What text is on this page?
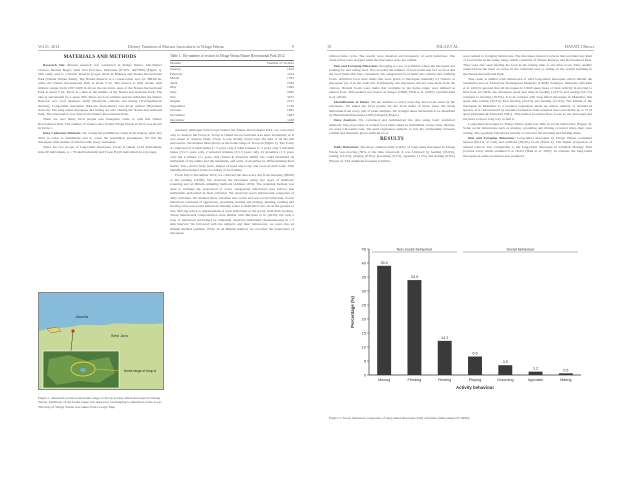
Vol 21, 2014	Dietary Variation of Macaca fascicularis in Telaga Warna	9
MATERIALS AND METHODS

Research Site. Present research was conducted in Telaga Warna, Sub-district Cisarua, District Bogor, West Java Province, Indonesia (6°42'S, 106°58'E) (Figure 1). This study area is a Nature Reserve (Cagar Alam in Bahasa) and Nature Recreational Park (Taman Wisata Alam). The Nature Reserve is a conservation area for 368.66 ha, while the Nature Recreational Park is about 5 ha. The reserve is hilly terrain with altitude ranges from 1387-1600 m above the sea level. Area of the Nature Recreational Park is about 5 ha. There is a lake in the middle of the Nature Recreational Park. The lake is surrounded by a steep cliff. There are four primate species inhabited the Nature Reserve: two Leaf monkeys Surili (Presbytis comata) and lutung (Trachypithecus auratus), Long-tailed macaques (Macaca fascicularis) and Javan gibbon (Hylobates moloch). The long-tailed macaques and lutung are also visiting the Nature Recreational Park. The observation was done in the Nature Recreational Park.

There are also many local people and foreigners come to visit this Nature Recreational Park. The number of visitors who visited Telaga Warna in 2012 was shown in Table 1.

Data Collection Methods. We conducted preliminary study from January until July 2012 in order to familiarize and to count the population parameters. We fed the macaques with stumps of dried noodle every weekends.

There are two troops of long-tailed macaques, Troop A (mean n=43 individuals, min=30 individuals, n = 79 adult/subadult) and Troop B (20 individuals in 4 groups).

Jakarta
West Java
Home range of troop A
Figure 1. Research location and home range of Troop A long-tailed macaques in Telaga Warna. Perimeter of the home range was drawn by overlapping localization of the troop. The map of Telaga Warna was taken from Google Map.
Table 1. The number of visitors in Telaga Warna Nature Recreational Park 2012
Months	Number of Visitors
January	1619
February	1104
March	1793
April	2764
May	1994
June	2482
July	3475
August	2157
September	1730
October	1825
November	1683
December	1168

assessed. Although both troops visited the Nature Recreational Park, we concerned only to observe the Troop A. Troop A visited the recreational area more frequently, so it was easier to observe them. Troop A was mostly found near the lake or in the hill surround it. We marked three places as the home range of Troop A (Figure 1). The Troop A composed of 9 adult males (> 5 years old), 8 adult females (> 5 years old), 5 subadult males (3.5-5 years old), 2 subadult females (3.5-5 years old), 21 juveniles (1-3 years old) and 2 infants (<1 years old) (Yusuf & Tsuchiva 2009). We could identified all individual of the adults and the subadults, and some of juveniles by differentiating their marks, hair colours body sizes, shapes of head and body, and scars in their body. This identification helped in the recording of food items.

From July to November 2012, we collected the data every day from morning (06:00) to the evening (16:00). We observed the macaques using two types of methods: scanning and ad libitum sampling methods (Altman 1974). The scanning method was used to estimate the proportion of every categorized behaviours (see below) that individuals performed in their activities. We observed seven behavioural categories of daily activities. We divided those activities into social and non-social behaviour. Social behaviour consisted of aggressive, grooming, mating and playing. Resting, feeding and moving were non-social behaviour. Resting refers to individual who sit on the ground or tree. Moving refers to displacement of each individual or the group from their position. Those behavioural categorization were similar with Md-Zain et al. (2010). We took a scan of behaviour performed by randomly observed individual (instantaneous) in a 5 min interval. We followed with the subjects and their behaviours, we used also ad libitum method (Altman 1974). In ad libitum method, we recorded the behaviours of macaques

10	NILA ET AL.	HAYATI J Biosci

without time cycle. The results were duration and frequency of each behaviour. The observation were stopped when the macaques were not visible.

Diet and Foraging Behaviour. Foraging is a set of activities where the macaques are looking for and eating food. We recorded the number of food items that fed on food and the food items that they consumed. We categorized food items into natural and artificial foods. Artificial food were items that were given to macaques manually by visitors or macaques got it in the trash bin. Incidentally, the macaques did not take them from the visitors. Natural foods were items that available in the home range were defined as natural food. This method was based on Yeager (1996), Hadi et al. (2007), and Md-Zain et al. (2010).

Identification of Plants. We put number to every trees that have been eaten by the macaques. We asked the local people for the local name of those trees. We made herbarium from every part of plant samples. We brought those herbarium to be identified by Herbarium Bogoriense LIPI (Cibinong Bogor).

Data Analysis. We calculated and summarized the data using basic statistical methods. The proportion of natural food items taken in Ramadhan versus other months, we used Chi-square test. We used regression analysis to test the relationship between rainfall and manually given artificial food.

RESULTS

Daily Behaviour. The most common daily activity of long-tailed macaques in Telaga Warna was moving (39% of the time observed). It was followed by feeding (33.9%), resting (12.2%), playing (6.6%), grooming (3.5%), agonistic (1.2%) and mating (0.6%) (Figure 2). The dominant frequent activities

were related to foraging behaviours. The macaques moved to places that provided any kind of food items in the home range which consisted of Nature Reserve and Recreational Park. They were also seen feeding the food in the resting time or rest after noon. They usually rested before the meal on rocks, in the cemented area or sitting on the vendor building in the Nature Recreational Park.

This result is similar with behaviours of wild long-tailed macaques which inhabit the residential area of University Kebangsaan Malaysia (UKM), Selangor, Malaysia. Md-Zain et al. (2010) reported that all macaques in UKM spent more of their activity in moving to find food. In UKM, the macaques spent less time in feeding (14.3%) and resting (16.1%) compare to moving (18.6%). It is in contrast with long-tailed macaques in Mauritius that spent time resting (32.2%) than moving (23.2%) and feeding (21.9%). The habitat of the macaques in Mauritius is a lowland vegetation made up almost entirely of introduced species. It is characterized by savanna formation with scattered trees and shrubs up to 75 m apart (Sussman & Tattersall 1981). This habitat provided more foods so the macaques did not need to move long way to find it.

Long-tailed macaques in Telaga Warna spent less time in social behaviours (Figure 2). Some social behaviours such as playing, grooming and mating occurred when they were resting. The agonistic behaviours usually occurred in the morning and feeding times.

Diet and Foraging Behaviour. Long-tailed macaques in Telaga Warna consumed natural (60.1% of total) and artificial (39.9%) foods (Table 2). The higher proportion of natural sources was comparable to the long-tailed macaques in Cibubak Monkey Park (Central Java) which obtained it at 76.4% (Hadi et al. 2007). In contrast, the long-tailed macaques in some recreation area preferred

0
5
10
15
20
25
30
35
40
45
Percentage (%)
Activity behaviour
39.0
Moving
33.9
Feeding
12.2
Resting
6.6
Playing
3.5
Grooming
1.2
Agonistic
0.6
Mating
Non-social behaviour	Social behaviour
Figure 2. Seven behaviour categories of long-tailed macaques daily activities (time budget N=4930).
